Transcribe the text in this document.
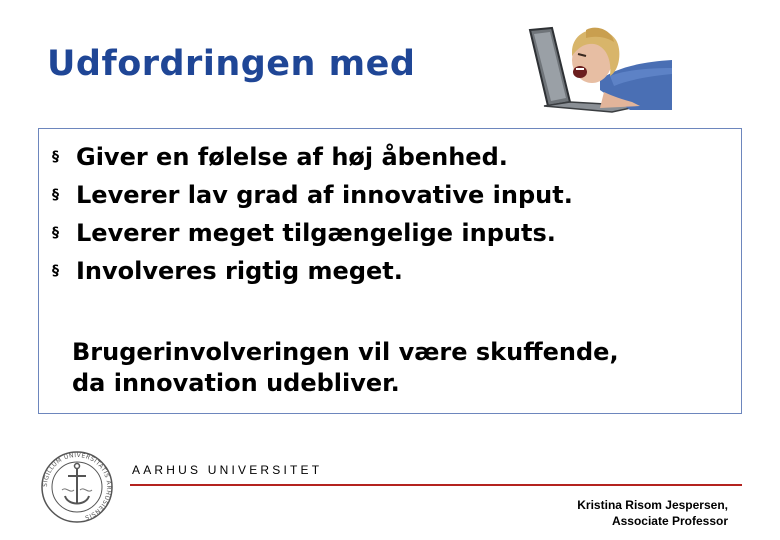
Udfordringen med
§ Giver en følelse af høj åbenhed.
§ Leverer lav grad af innovative input.
§ Leverer meget tilgængelige inputs.
§ Involveres rigtig meget.
Brugerinvolveringen vil være skuffende,
da innovation udebliver.
SIGILLUM UNIVERSITATIS ARHUSIENSIS
AARHUS UNIVERSITET
Kristina Risom Jespersen,
Associate Professor
